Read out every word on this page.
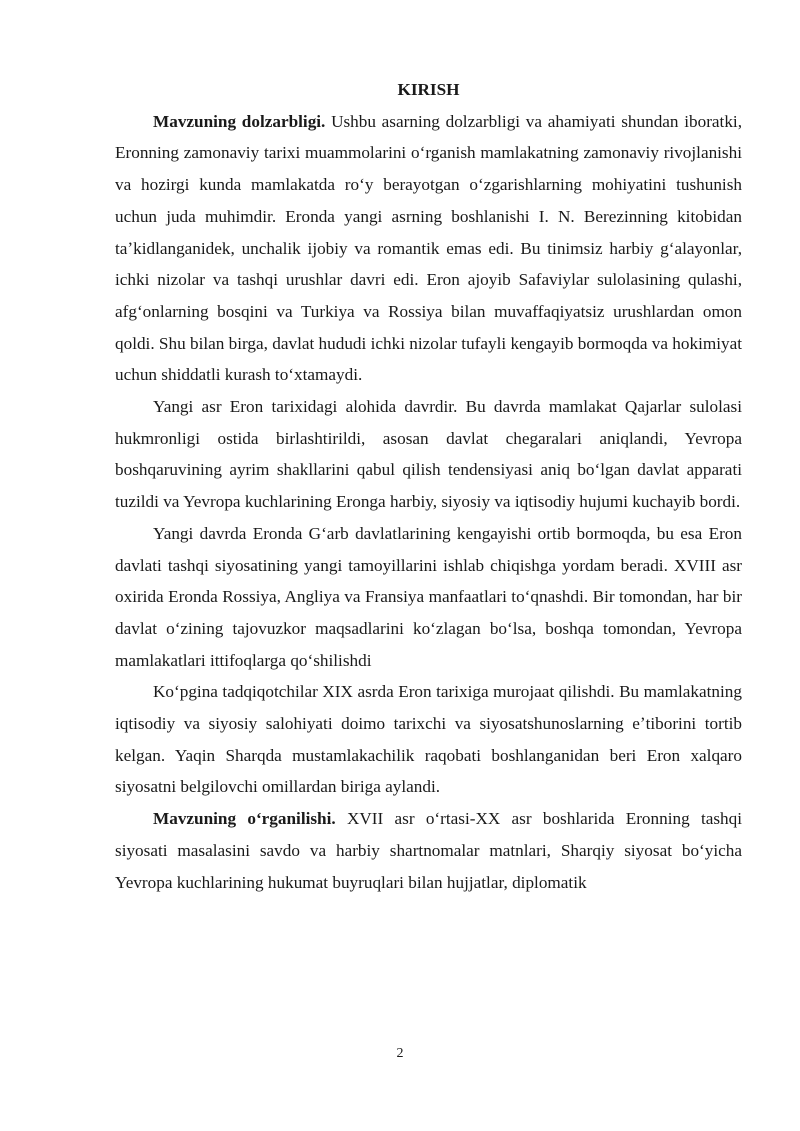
KIRISH

Mavzuning dolzarbligi. Ushbu asarning dolzarbligi va ahamiyati shundan iboratki, Eronning zamonaviy tarixi muammolarini oʻrganish mamlakatning zamonaviy rivojlanishi va hozirgi kunda mamlakatda roʻy berayotgan oʻzgarishlarning mohiyatini tushunish uchun juda muhimdir. Eronda yangi asrning boshlanishi I. N. Berezinning kitobidan taʼkidlanganidek, unchalik ijobiy va romantik emas edi. Bu tinimsiz harbiy gʻalayonlar, ichki nizolar va tashqi urushlar davri edi. Eron ajoyib Safaviylar sulolasining qulashi, afgʻonlarning bosqini va Turkiya va Rossiya bilan muvaffaqiyatsiz urushlardan omon qoldi. Shu bilan birga, davlat hududi ichki nizolar tufayli kengayib bormoqda va hokimiyat uchun shiddatli kurash toʻxtamaydi.

Yangi asr Eron tarixidagi alohida davrdir. Bu davrda mamlakat Qajarlar sulolasi hukmronligi ostida birlashtirildi, asosan davlat chegaralari aniqlandi, Yevropa boshqaruvining ayrim shakllarini qabul qilish tendensiyasi aniq boʻlgan davlat apparati tuzildi va Yevropa kuchlarining Eronga harbiy, siyosiy va iqtisodiy hujumi kuchayib bordi.

Yangi davrda Eronda Gʻarb davlatlarining kengayishi ortib bormoqda, bu esa Eron davlati tashqi siyosatining yangi tamoyillarini ishlab chiqishga yordam beradi. XVIII asr oxirida Eronda Rossiya, Angliya va Fransiya manfaatlari toʻqnashdi. Bir tomondan, har bir davlat oʻzining tajovuzkor maqsadlarini koʻzlagan boʻlsa, boshqa tomondan, Yevropa mamlakatlari ittifoqlarga qoʻshilishdi

Koʻpgina tadqiqotchilar XIX asrda Eron tarixiga murojaat qilishdi. Bu mamlakatning iqtisodiy va siyosiy salohiyati doimo tarixchi va siyosatshunoslarning eʼtiborini tortib kelgan. Yaqin Sharqda mustamlakachilik raqobati boshlanganidan beri Eron xalqaro siyosatni belgilovchi omillardan biriga aylandi.

Mavzuning oʻrganilishi. XVII asr oʻrtasi-XX asr boshlarida Eronning tashqi siyosati masalasini savdo va harbiy shartnomalar matnlari, Sharqiy siyosat boʻyicha Yevropa kuchlarining hukumat buyruqlari bilan hujjatlar, diplomatik

2
